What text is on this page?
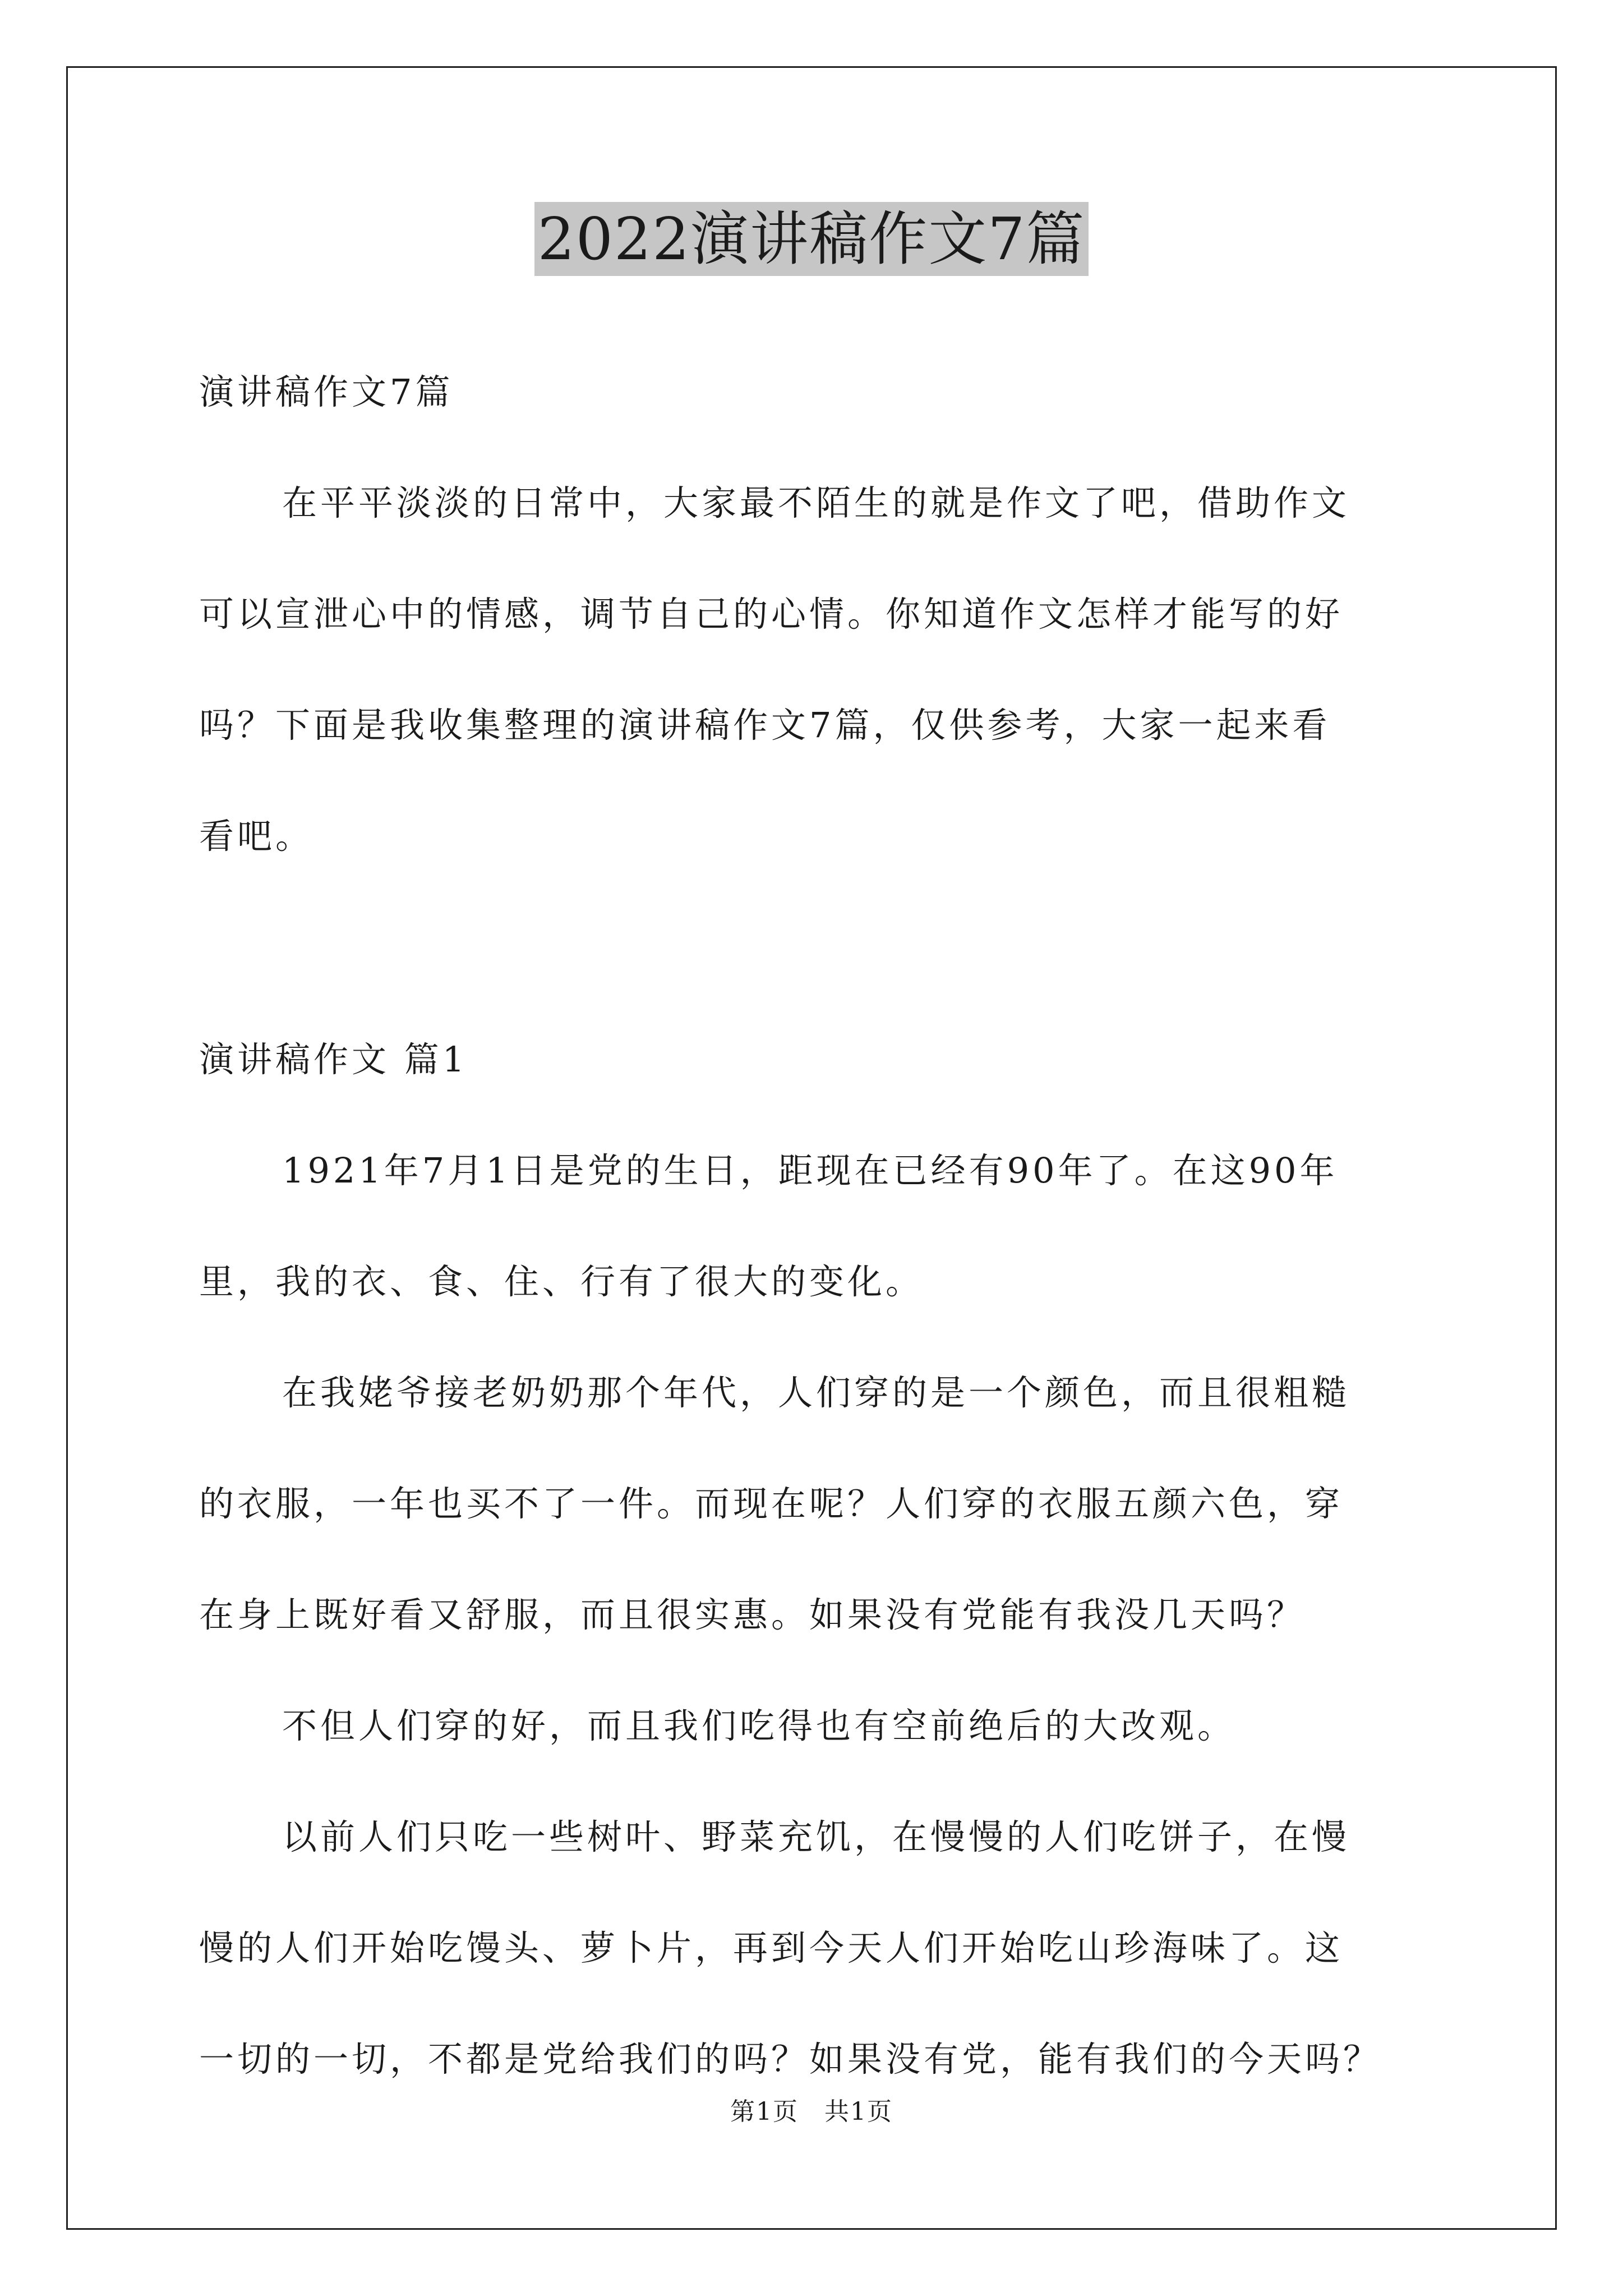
2022演讲稿作文7篇
演讲稿作文7篇
在平平淡淡的日常中，大家最不陌生的就是作文了吧，借助作文
可以宣泄心中的情感，调节自己的心情。你知道作文怎样才能写的好
吗？下面是我收集整理的演讲稿作文7篇，仅供参考，大家一起来看
看吧。
演讲稿作文 篇1
1921年7月1日是党的生日，距现在已经有90年了。在这90年
里，我的衣、食、住、行有了很大的变化。
在我姥爷接老奶奶那个年代，人们穿的是一个颜色，而且很粗糙
的衣服，一年也买不了一件。而现在呢？人们穿的衣服五颜六色，穿
在身上既好看又舒服，而且很实惠。如果没有党能有我没几天吗？
不但人们穿的好，而且我们吃得也有空前绝后的大改观。
以前人们只吃一些树叶、野菜充饥，在慢慢的人们吃饼子，在慢
慢的人们开始吃馒头、萝卜片，再到今天人们开始吃山珍海味了。这
一切的一切，不都是党给我们的吗？如果没有党，能有我们的今天吗？
第1页　共1页
